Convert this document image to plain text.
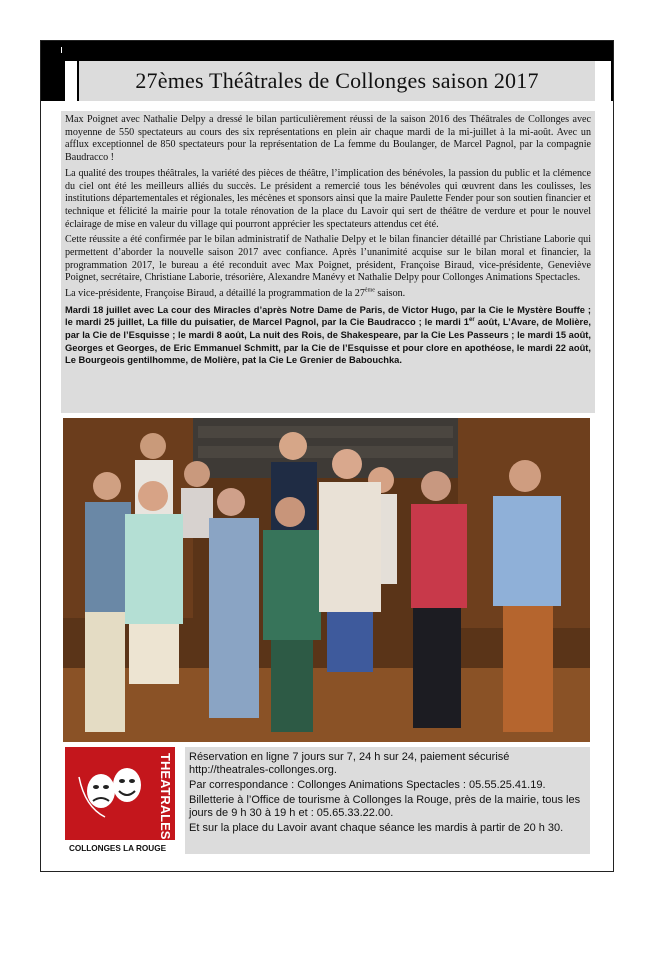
27èmes Théâtrales de Collonges saison 2017

Max Poignet avec Nathalie Delpy a dressé le bilan particulièrement réussi de la saison 2016 des Théâtrales de Collonges avec moyenne de 550 spectateurs au cours des six représentations en plein air chaque mardi de la mi-juillet à la mi-août. Avec un afflux exceptionnel de 850 spectateurs pour la représentation de La femme du Boulanger, de Marcel Pagnol, par la compagnie Baudracco !

La qualité des troupes théâtrales, la variété des pièces de théâtre, l’implication des bénévoles, la passion du public et la clémence du ciel ont été les meilleurs alliés du succès. Le président a remercié tous les bénévoles qui œuvrent dans les coulisses, les institutions départementales et régionales, les mécènes et sponsors ainsi que la maire Paulette Fender pour son soutien financier et technique et félicité la mairie pour la totale rénovation de la place du Lavoir qui sert de théâtre de verdure et pour le nouvel éclairage de mise en valeur du village qui pourront apprécier les spectateurs attendus cet été.

Cette réussite a été confirmée par le bilan administratif de Nathalie Delpy et le bilan financier détaillé par Christiane Laborie qui permettent d’aborder la nouvelle saison 2017 avec confiance. Après l’unanimité acquise sur le bilan moral et financier, la programmation 2017, le bureau a été reconduit avec Max Poignet, président, Françoise Biraud, vice-présidente, Geneviève Poignet, secrétaire, Christiane Laborie, trésorière, Alexandre Manévy et Nathalie Delpy pour Collonges Animations Spectacles.

La vice-présidente, Françoise Biraud, a détaillé la programmation de la 27ème saison.

Mardi 18 juillet avec La cour des Miracles d’après Notre Dame de Paris, de Victor Hugo, par la Cie le Mystère Bouffe ; le mardi 25 juillet, La fille du puisatier, de Marcel Pagnol, par la Cie Baudracco ; le mardi 1er août, L’Avare, de Molière, par la Cie de l’Esquisse ; le mardi 8 août, La nuit des Rois, de Shakespeare, par la Cie Les Passeurs ; le mardi 15 août, Georges et Georges, de Eric Emmanuel Schmitt, par la Cie de l’Esquisse et pour clore en apothéose, le mardi 22 août, Le Bourgeois gentilhomme, de Molière, pat la Cie Le Grenier de Babouchka.

THEATRALES
COLLONGES LA ROUGE

Réservation en ligne 7 jours sur 7, 24 h sur 24, paiement sécurisé http://theatrales-collonges.org.

Par correspondance : Collonges Animations Spectacles : 05.55.25.41.19.

Billetterie à l’Office de tourisme à Collonges la Rouge, près de la mairie, tous les jours de 9 h 30 à 19 h et : 05.65.33.22.00.

Et sur la place du Lavoir avant chaque séance les mardis à partir de 20 h 30.
